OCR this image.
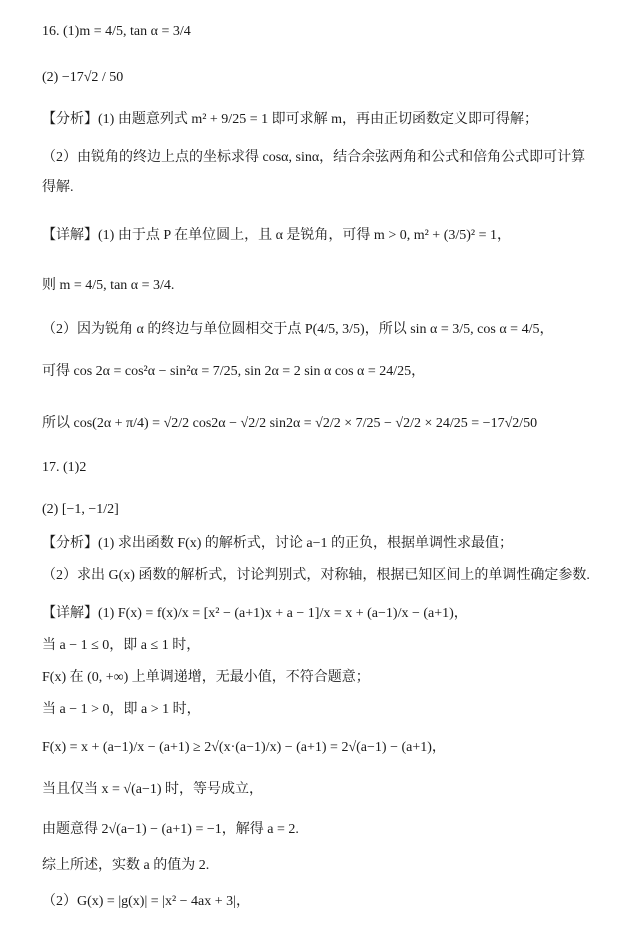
16. (1)m = 4/5, tan α = 3/4
(2) −17√2 / 50
【分析】(1) 由题意列式 m² + 9/25 = 1 即可求解 m，再由正切函数定义即可得解；
（2）由锐角的终边上点的坐标求得 cosα, sinα，结合余弦两角和公式和倍角公式即可计算
得解.
【详解】(1) 由于点 P 在单位圆上，且 α 是锐角，可得 m > 0, m² + (3/5)² = 1，
则 m = 4/5, tan α = 3/4.
（2）因为锐角 α 的终边与单位圆相交于点 P(4/5, 3/5)，所以 sin α = 3/5, cos α = 4/5，
可得 cos 2α = cos²α − sin²α = 7/25, sin 2α = 2 sin α cos α = 24/25，
所以 cos(2α + π/4) = √2/2 cos2α − √2/2 sin2α = √2/2 × 7/25 − √2/2 × 24/25 = −17√2/50
17. (1)2
(2) [−1, −1/2]
【分析】(1) 求出函数 F(x) 的解析式，讨论 a−1 的正负，根据单调性求最值；
（2）求出 G(x) 函数的解析式，讨论判别式，对称轴，根据已知区间上的单调性确定参数.
【详解】(1) F(x) = f(x)/x = [x² − (a+1)x + a − 1]/x = x + (a−1)/x − (a+1)，
当 a − 1 ≤ 0，即 a ≤ 1 时，
F(x) 在 (0, +∞) 上单调递增，无最小值，不符合题意；
当 a − 1 > 0，即 a > 1 时，
F(x) = x + (a−1)/x − (a+1) ≥ 2√(x·(a−1)/x) − (a+1) = 2√(a−1) − (a+1)，
当且仅当 x = √(a−1) 时，等号成立，
由题意得 2√(a−1) − (a+1) = −1，解得 a = 2.
综上所述，实数 a 的值为 2.
（2）G(x) = |g(x)| = |x² − 4ax + 3|，
